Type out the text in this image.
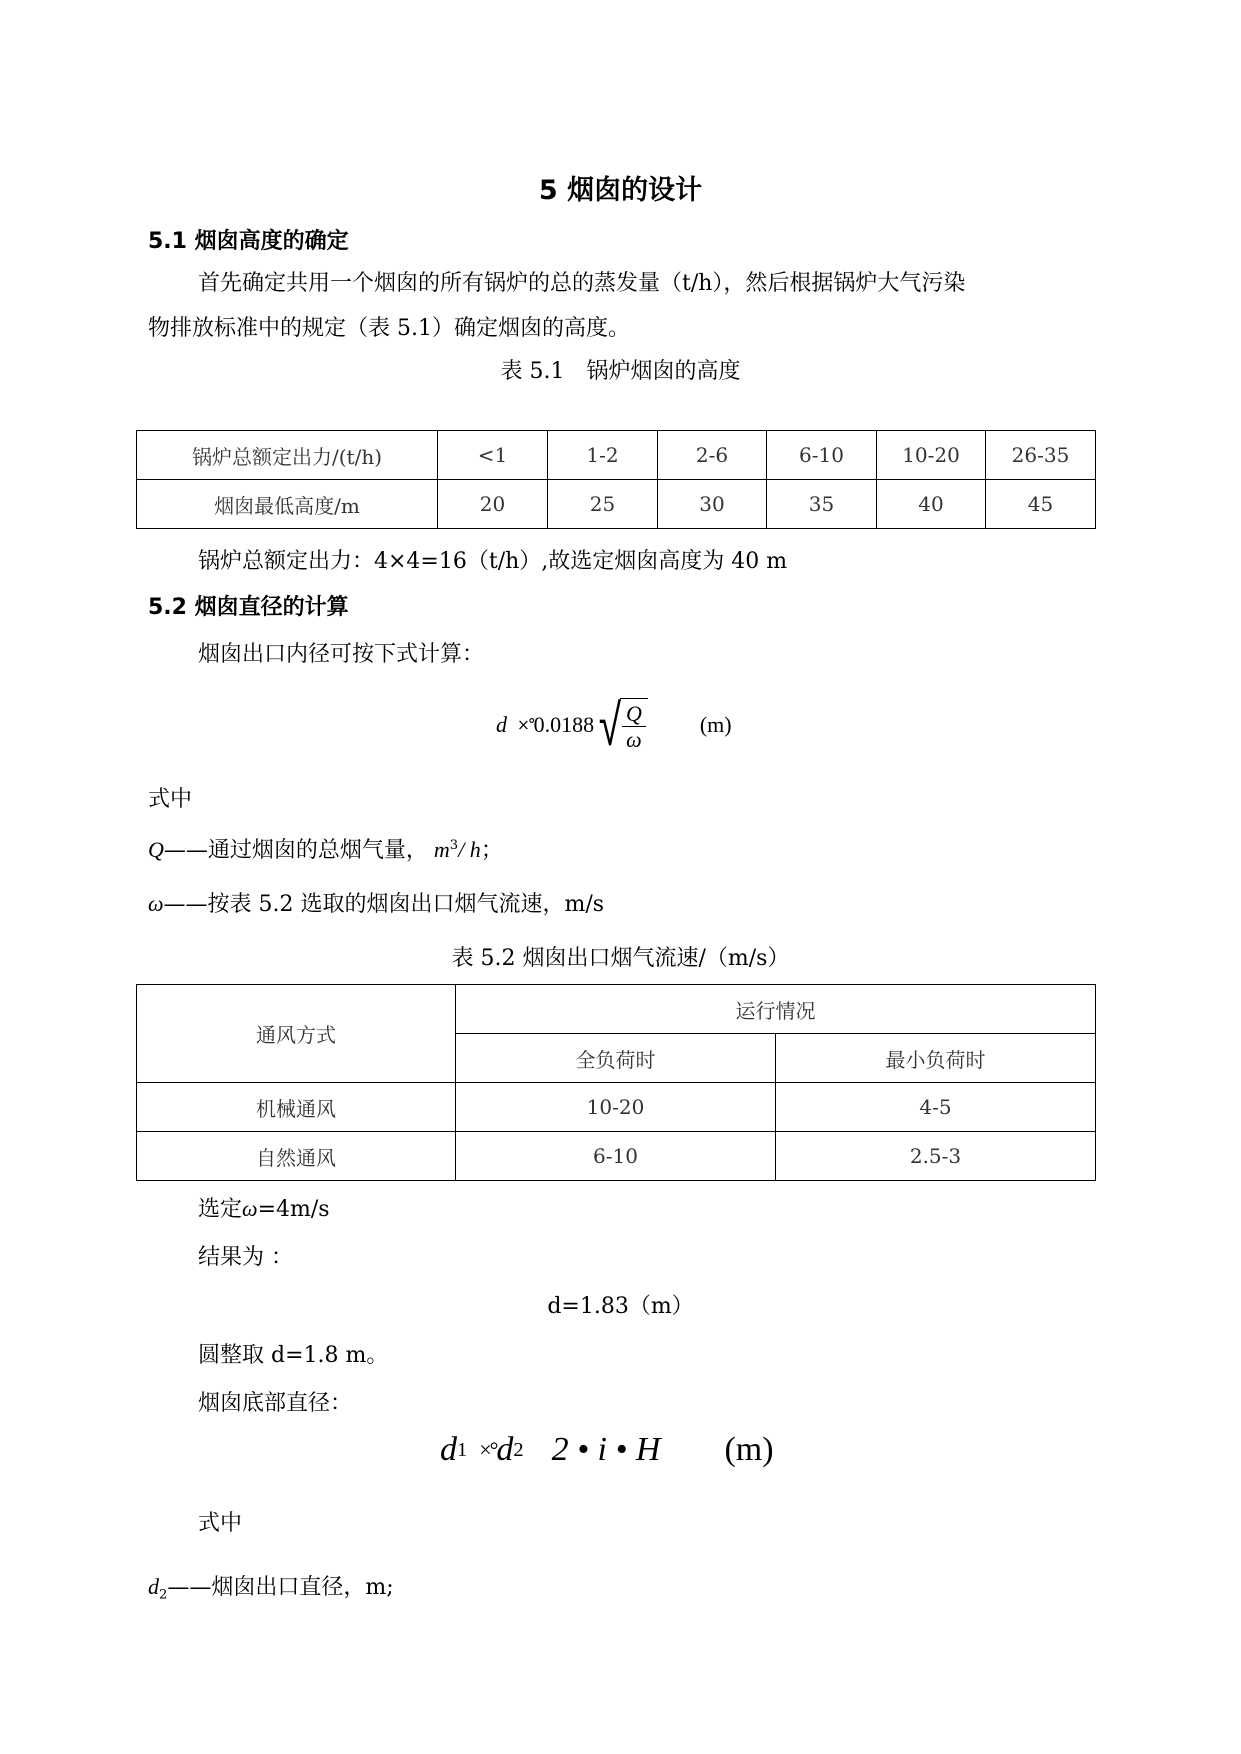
5 烟囱的设计
5.1 烟囱高度的确定
首先确定共用一个烟囱的所有锅炉的总的蒸发量（t/h），然后根据锅炉大气污染
物排放标准中的规定（表 5.1）确定烟囱的高度。
表 5.1　锅炉烟囱的高度
锅炉总额定出力/(t/h)	<1	1-2	2-6	6-10	10-20	26-35
烟囱最低高度/m	20	25	30	35	40	45
锅炉总额定出力：4×4=16（t/h）,故选定烟囱高度为 40 m
5.2 烟囱直径的计算
烟囱出口内径可按下式计算：
d ×° 0.0188 √ $\frac{Q}{\omega} (m)$
式中
Q——通过烟囱的总烟气量， $m^3/$ h；
ω——按表 5.2 选取的烟囱出口烟气流速，m/s
表 5.2 烟囱出口烟气流速/（m/s）
通风方式	运行情况	
	全负荷时	最小负荷时
机械通风	10-20	4-5
自然通风	6-10	2.5-3
选定ω=4m/s
结果为 ：
d=1.83（m）
圆整取 d=1.8 m。
烟囱底部直径：
d 1 ×° d 2 2 • i • H (m)
式中
$d_2——$烟囱出口直径，m;
